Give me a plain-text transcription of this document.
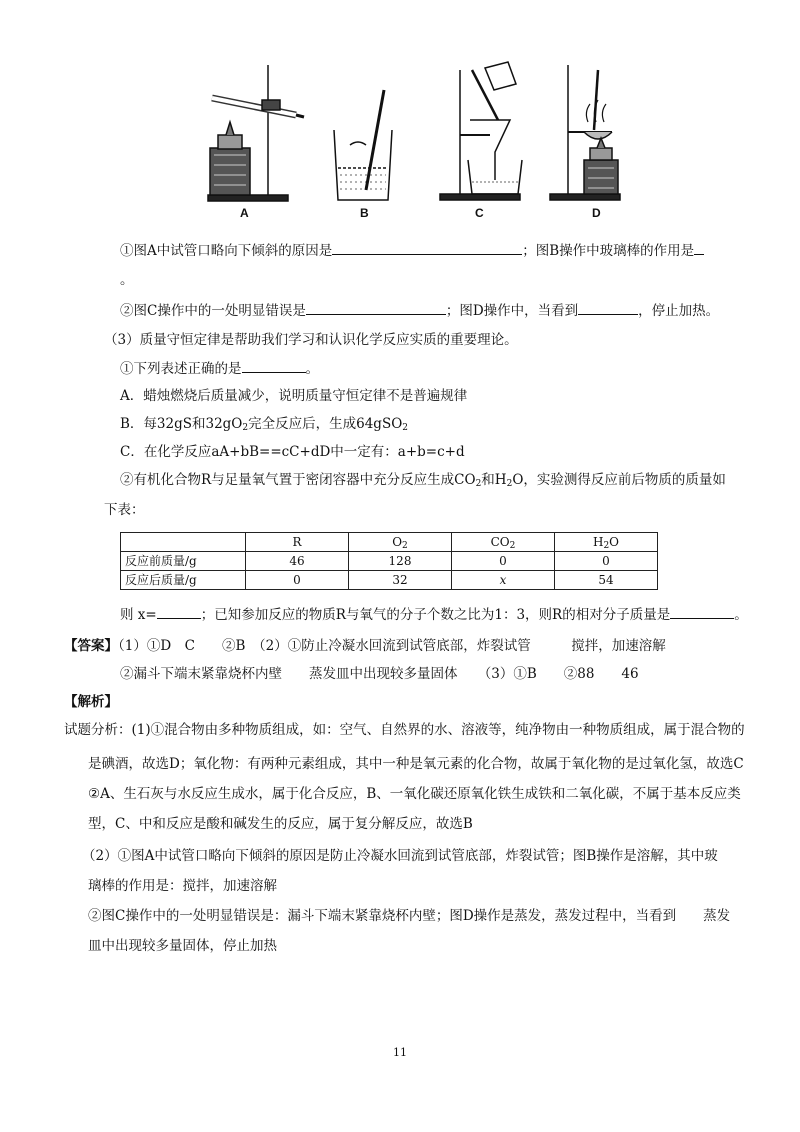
A	B	C	D
①图A中试管口略向下倾斜的原因是	；图B操作中玻璃棒的作用是
。
②图C操作中的一处明显错误是	；图D操作中，当看到	，停止加热。
（3）质量守恒定律是帮助我们学习和认识化学反应实质的重要理论。
①下列表述正确的是	。
A．蜡烛燃烧后质量减少，说明质量守恒定律不是普遍规律
B．每32gS和$32gO_2$完全反应后，生成64gSO$_2$
C．在化学反应aA+bB==cC+dD中一定有：a+b=c+d
②有机化合物R与足量氧气置于密闭容器中充分反应生成$CO_2$和$H_2O$，实验测得反应前后物质的质量如
下表：
	R	$O_2$	$CO_2$	$H_2O$
反应前质量/g	46	128	0	0
反应后质量/g	0	32	x	54
则 x=	；已知参加反应的物质R与氧气的分子个数之比为1：3，则R的相对分子质量是	。
【答案】（1）①D　C　　②B　（2）①防止冷凝水回流到试管底部，炸裂试管　　　搅拌，加速溶解
②漏斗下端末紧靠烧杯内壁　　蒸发皿中出现较多量固体　　（3）①B　　②88　　46
【解析】
试题分析：(1)①混合物由多种物质组成，如：空气、自然界的水、溶液等，纯净物由一种物质组成，属于混合物的
是碘酒，故选D；氧化物：有两种元素组成，其中一种是氧元素的化合物，故属于氧化物的是过氧化氢，故选C
②A、生石灰与水反应生成水，属于化合反应，B、一氧化碳还原氧化铁生成铁和二氧化碳，不属于基本反应类
型，C、中和反应是酸和碱发生的反应，属于复分解反应，故选B
（2）①图A中试管口略向下倾斜的原因是防止冷凝水回流到试管底部，炸裂试管；图B操作是溶解，其中玻
璃棒的作用是：搅拌，加速溶解
②图C操作中的一处明显错误是：漏斗下端末紧靠烧杯内壁；图D操作是蒸发，蒸发过程中，当看到　　蒸发
皿中出现较多量固体，停止加热
11
